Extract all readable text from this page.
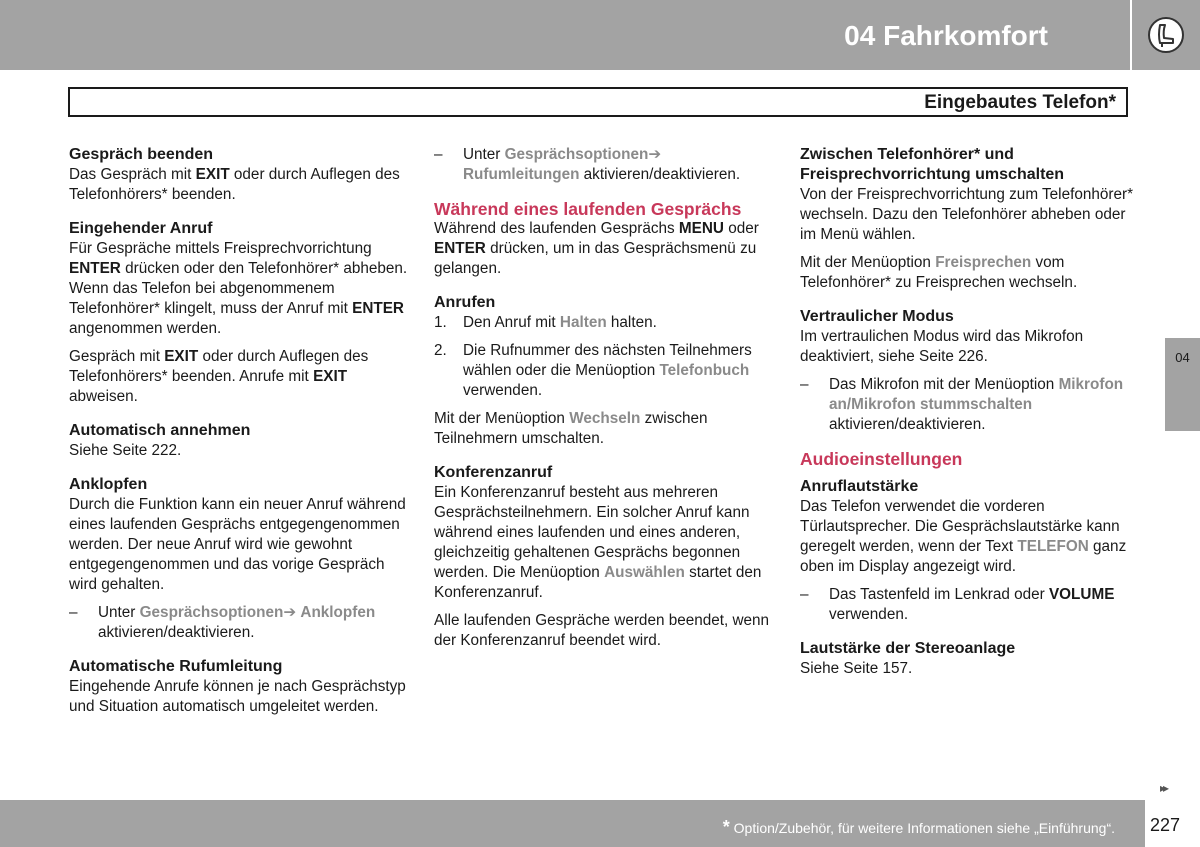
04 Fahrkomfort
Eingebautes Telefon*

Gespräch beenden

Das Gespräch mit EXIT oder durch Auflegen des Telefonhörers* beenden.

Eingehender Anruf

Für Gespräche mittels Freisprechvorrichtung ENTER drücken oder den Telefonhörer* abheben. Wenn das Telefon bei abgenommenem Telefonhörer* klingelt, muss der Anruf mit ENTER angenommen werden.

Gespräch mit EXIT oder durch Auflegen des Telefonhörers* beenden. Anrufe mit EXIT abweisen.

Automatisch annehmen

Siehe Seite 222.

Anklopfen

Durch die Funktion kann ein neuer Anruf während eines laufenden Gesprächs entgegengenommen werden. Der neue Anruf wird wie gewohnt entgegengenommen und das vorige Gespräch wird gehalten.

– Unter Gesprächsoptionen➔ Anklopfen aktivieren/deaktivieren.

Automatische Rufumleitung

Eingehende Anrufe können je nach Gesprächstyp und Situation automatisch umgeleitet werden.

– Unter Gesprächsoptionen➔ Rufumleitungen aktivieren/deaktivieren.

Während eines laufenden Gesprächs

Während des laufenden Gesprächs MENU oder ENTER drücken, um in das Gesprächsmenü zu gelangen.

Anrufen

1. Den Anruf mit Halten halten.

2. Die Rufnummer des nächsten Teilnehmers wählen oder die Menüoption Telefonbuch verwenden.

Mit der Menüoption Wechseln zwischen Teilnehmern umschalten.

Konferenzanruf

Ein Konferenzanruf besteht aus mehreren Gesprächsteilnehmern. Ein solcher Anruf kann während eines laufenden und eines anderen, gleichzeitig gehaltenen Gesprächs begonnen werden. Die Menüoption Auswählen startet den Konferenzanruf.

Alle laufenden Gespräche werden beendet, wenn der Konferenzanruf beendet wird.

Zwischen Telefonhörer* und Freisprechvorrichtung umschalten

Von der Freisprechvorrichtung zum Telefonhörer* wechseln. Dazu den Telefonhörer abheben oder im Menü wählen.

Mit der Menüoption Freisprechen vom Telefonhörer* zu Freisprechen wechseln.

Vertraulicher Modus

Im vertraulichen Modus wird das Mikrofon deaktiviert, siehe Seite 226.

– Das Mikrofon mit der Menüoption Mikrofon an/Mikrofon stummschalten aktivieren/deaktivieren.

Audioeinstellungen

Anruflautstärke

Das Telefon verwendet die vorderen Türlautsprecher. Die Gesprächslautstärke kann geregelt werden, wenn der Text TELEFON ganz oben im Display angezeigt wird.

– Das Tastenfeld im Lenkrad oder VOLUME verwenden.

Lautstärke der Stereoanlage

Siehe Seite 157.

04
▸▸
* Option/Zubehör, für weitere Informationen siehe „Einführung“. 227
